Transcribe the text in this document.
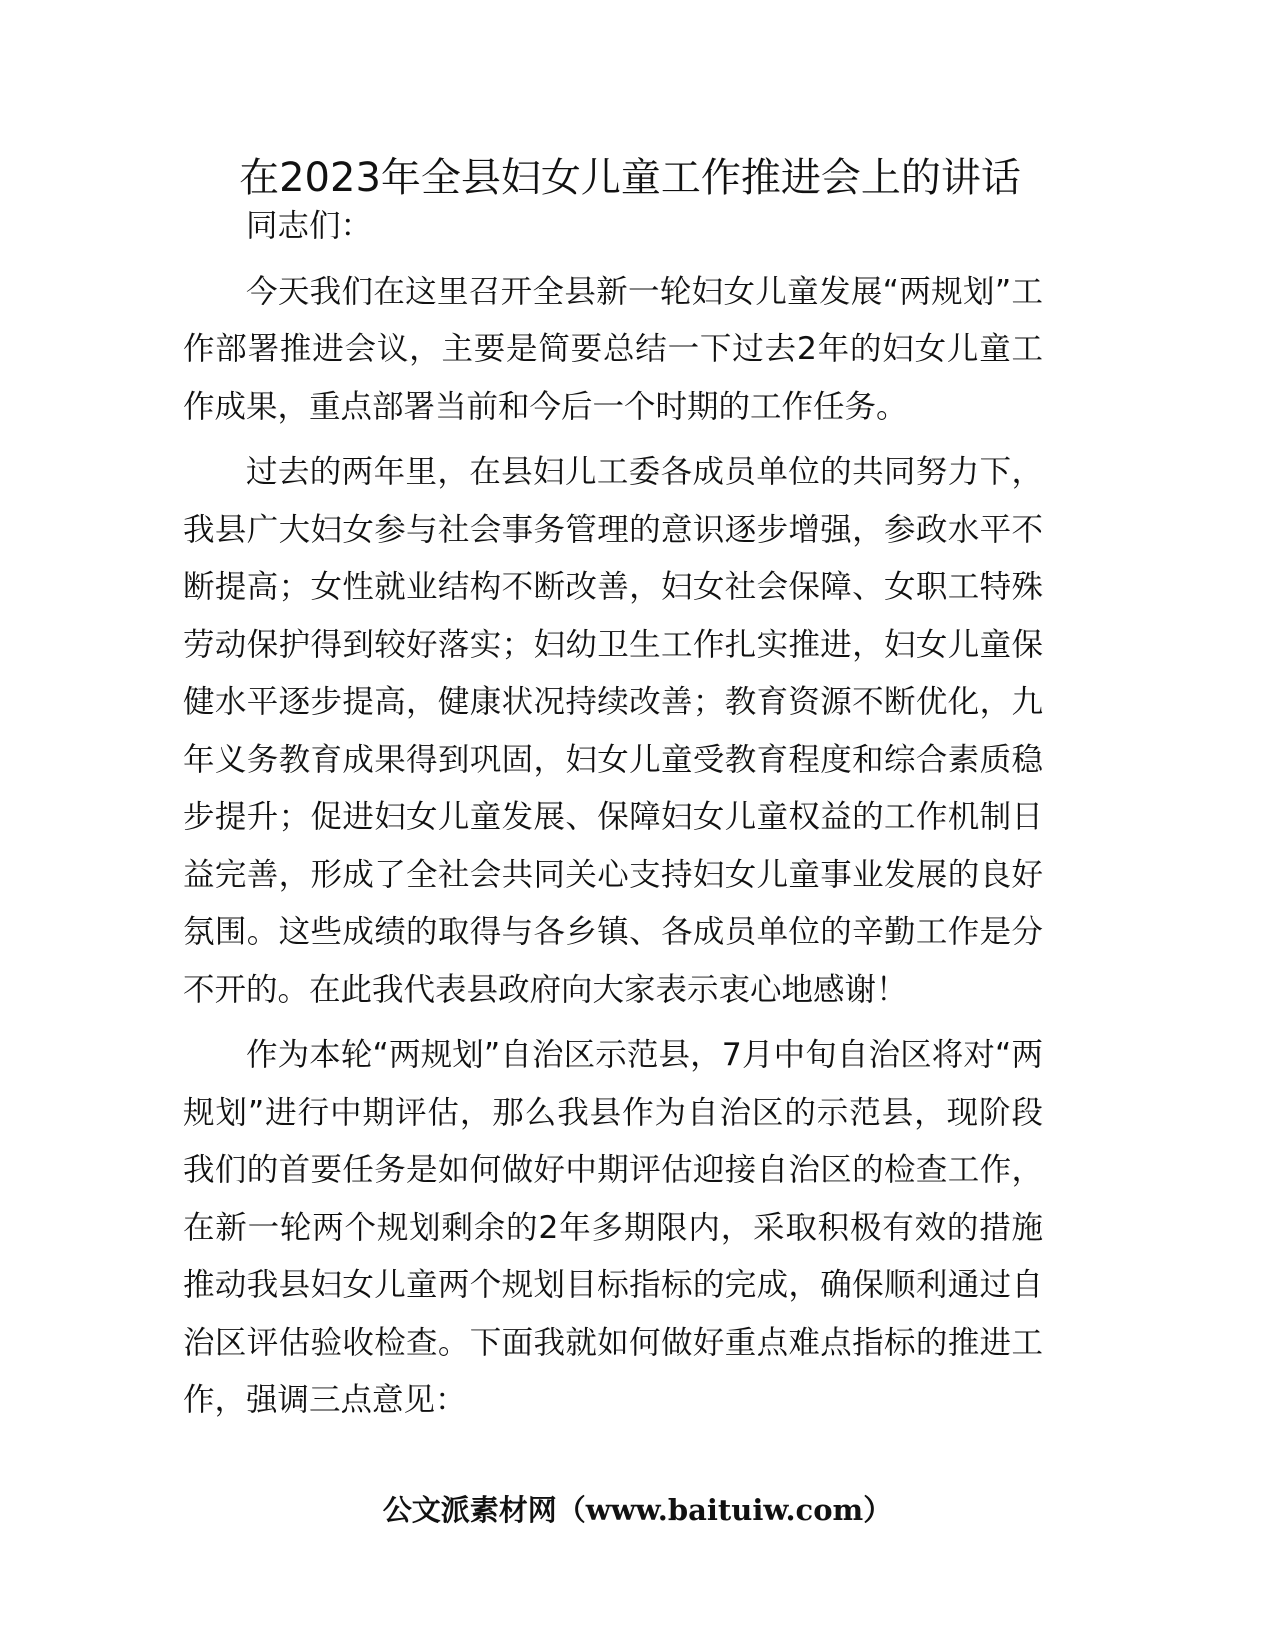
在2023年全县妇女儿童工作推进会上的讲话

同志们：

今天我们在这里召开全县新一轮妇女儿童发展“两规划”工作部署推进会议，主要是简要总结一下过去2年的妇女儿童工作成果，重点部署当前和今后一个时期的工作任务。

过去的两年里，在县妇儿工委各成员单位的共同努力下，我县广大妇女参与社会事务管理的意识逐步增强，参政水平不断提高；女性就业结构不断改善，妇女社会保障、女职工特殊劳动保护得到较好落实；妇幼卫生工作扎实推进，妇女儿童保健水平逐步提高，健康状况持续改善；教育资源不断优化，九年义务教育成果得到巩固，妇女儿童受教育程度和综合素质稳步提升；促进妇女儿童发展、保障妇女儿童权益的工作机制日益完善，形成了全社会共同关心支持妇女儿童事业发展的良好氛围。这些成绩的取得与各乡镇、各成员单位的辛勤工作是分不开的。在此我代表县政府向大家表示衷心地感谢！

作为本轮“两规划”自治区示范县，7月中旬自治区将对“两规划”进行中期评估，那么我县作为自治区的示范县，现阶段我们的首要任务是如何做好中期评估迎接自治区的检查工作，在新一轮两个规划剩余的2年多期限内，采取积极有效的措施推动我县妇女儿童两个规划目标指标的完成，确保顺利通过自治区评估验收检查。下面我就如何做好重点难点指标的推进工作，强调三点意见：

公文派素材网（www.baituiw.com）
